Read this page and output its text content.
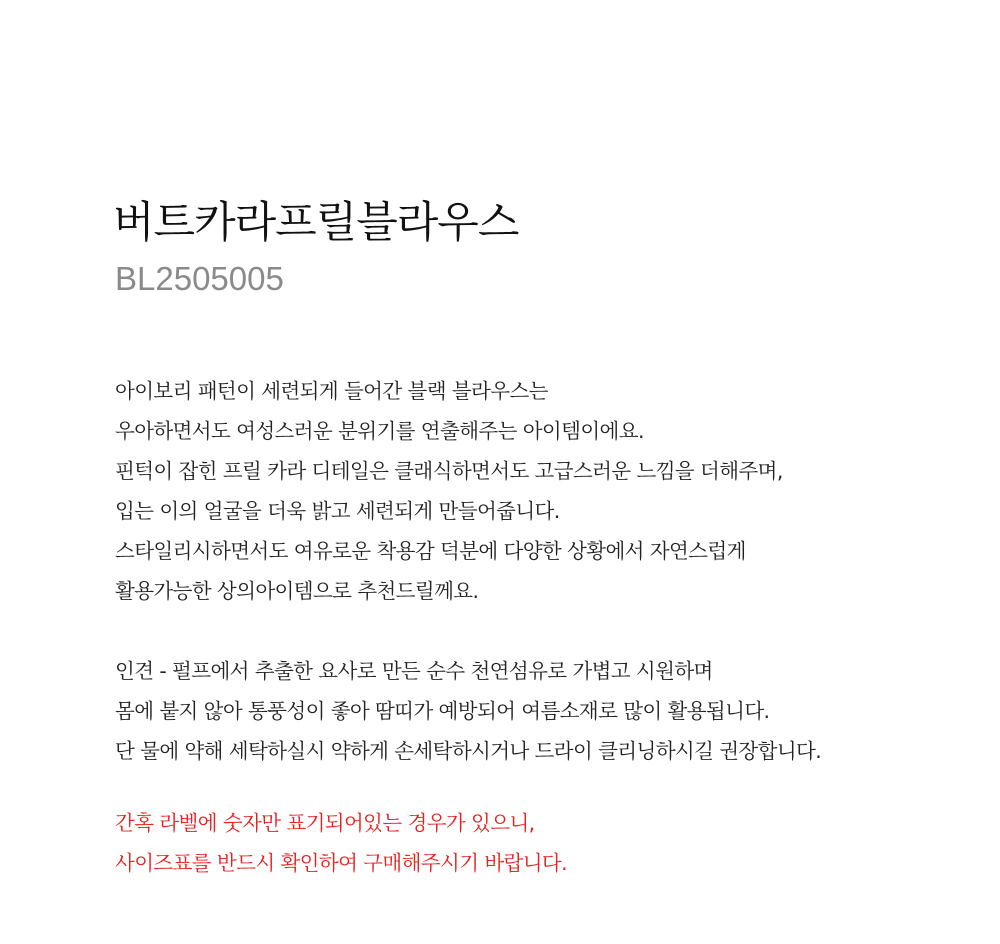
버트카라프릴블라우스

BL2505005

아이보리 패턴이 세련되게 들어간 블랙 블라우스는
우아하면서도 여성스러운 분위기를 연출해주는 아이템이에요.
핀턱이 잡힌 프릴 카라 디테일은 클래식하면서도 고급스러운 느낌을 더해주며,
입는 이의 얼굴을 더욱 밝고 세련되게 만들어줍니다.
스타일리시하면서도 여유로운 착용감 덕분에 다양한 상황에서 자연스럽게
활용가능한 상의아이템으로 추천드릴께요.
인견 - 펄프에서 추출한 요사로 만든 순수 천연섬유로 가볍고 시원하며
몸에 붙지 않아 통풍성이 좋아 땀띠가 예방되어 여름소재로 많이 활용됩니다.
단 물에 약해 세탁하실시 약하게 손세탁하시거나 드라이 클리닝하시길 권장합니다.
간혹 라벨에 숫자만 표기되어있는 경우가 있으니,
사이즈표를 반드시 확인하여 구매해주시기 바랍니다.
